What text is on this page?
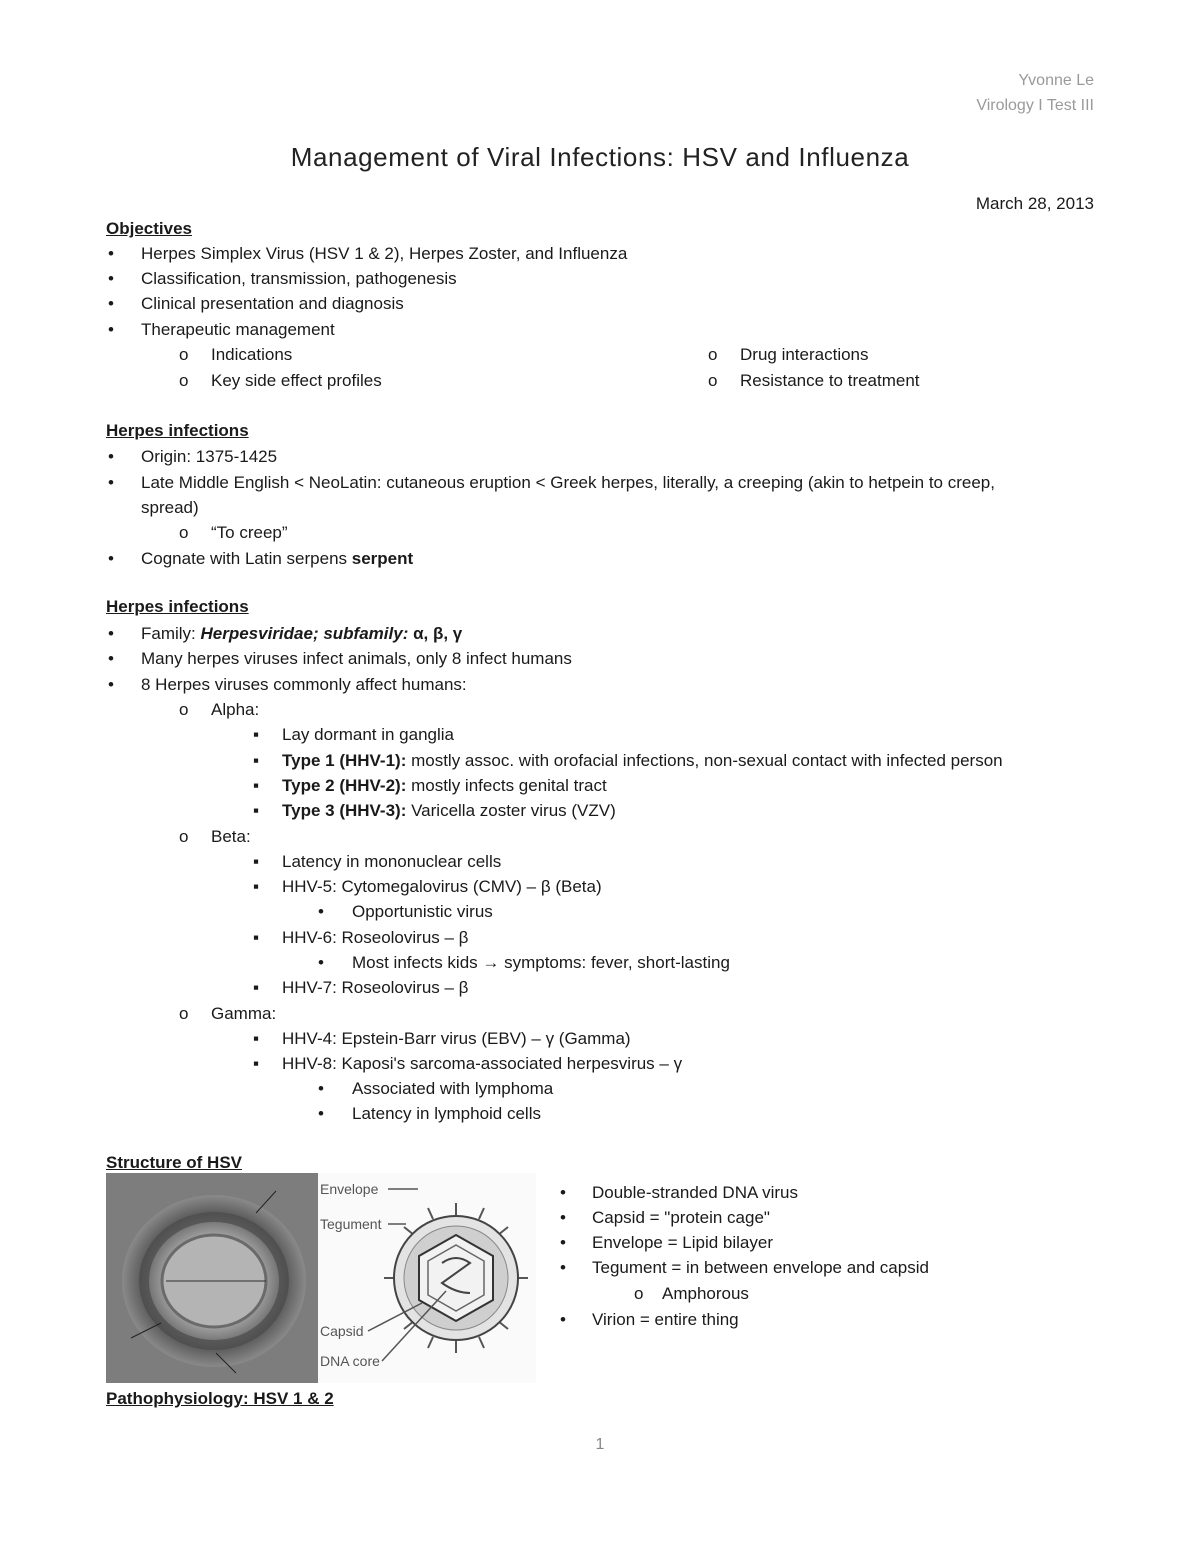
Yvonne Le
Virology I Test III
Management of Viral Infections: HSV and Influenza
March 28, 2013
Objectives
•
Herpes Simplex Virus (HSV 1 & 2), Herpes Zoster, and Influenza
•
Classification, transmission, pathogenesis
•
Clinical presentation and diagnosis
•
Therapeutic management
o
Indications
o
Key side effect profiles
o
Drug interactions
o
Resistance to treatment
Herpes infections
•
Origin: 1375-1425
•
Late Middle English < NeoLatin: cutaneous eruption < Greek herpes, literally, a creeping (akin to hetpein to creep,
spread)
o
“To creep”
•
Cognate with Latin serpens serpent
Herpes infections
•
Family: Herpesviridae; subfamily: α, β, γ
•
Many herpes viruses infect animals, only 8 infect humans
•
8 Herpes viruses commonly affect humans:
o
Alpha:
▪
Lay dormant in ganglia
▪
Type 1 (HHV-1): mostly assoc. with orofacial infections, non-sexual contact with infected person
▪
Type 2 (HHV-2): mostly infects genital tract
▪
Type 3 (HHV-3): Varicella zoster virus (VZV)
o
Beta:
▪
Latency in mononuclear cells
▪
HHV-5: Cytomegalovirus (CMV) – β (Beta)
•
Opportunistic virus
▪
HHV-6: Roseolovirus – β
•
Most infects kids → symptoms: fever, short-lasting
▪
HHV-7: Roseolovirus – β
o
Gamma:
▪
HHV-4: Epstein-Barr virus (EBV) – γ (Gamma)
▪
HHV-8: Kaposi's sarcoma-associated herpesvirus – γ
•
Associated with lymphoma
•
Latency in lymphoid cells
Structure of HSV
Envelope
Tegument
Capsid
DNA core
•
Double-stranded DNA virus
•
Capsid = "protein cage"
•
Envelope = Lipid bilayer
•
Tegument = in between envelope and capsid
o
Amphorous
•
Virion = entire thing
Pathophysiology: HSV 1 & 2
1
